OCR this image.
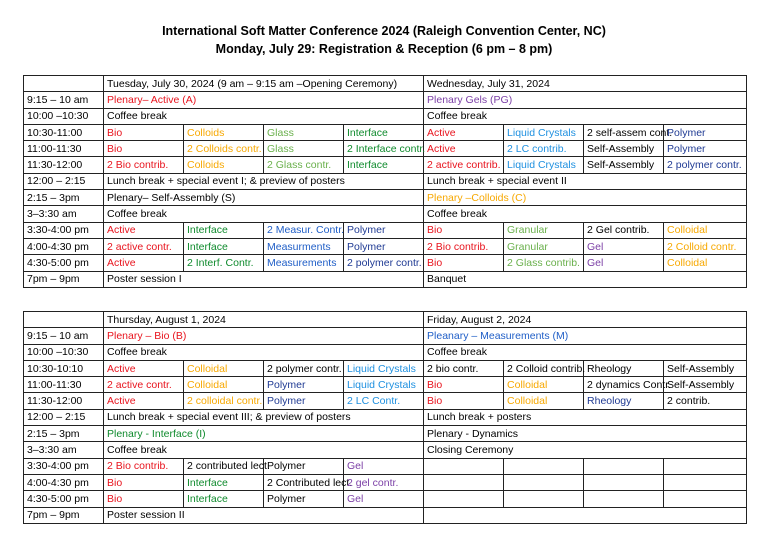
International Soft Matter Conference 2024 (Raleigh Convention Center, NC)
Monday, July 29: Registration & Reception (6 pm – 8 pm)
	Tuesday, July 30, 2024 (9 am – 9:15 am –Opening Ceremony)				Wednesday, July 31, 2024			
9:15 – 10 am	Plenary– Active (A)				Plenary Gels (PG)			
10:00 –10:30	Coffee break				Coffee break			
10:30-11:00	Bio	Colloids	Glass	Interface	Active	Liquid Crystals	2 self-assem cont.	Polymer
11:00-11:30	Bio	2 Colloids contr.	Glass	2 Interface contr.	Active	2 LC contrib.	Self-Assembly	Polymer
11:30-12:00	2 Bio contrib.	Colloids	2 Glass contr.	Interface	2 active contrib.	Liquid Crystals	Self-Assembly	2 polymer contr.
12:00 – 2:15	Lunch break + special event I; & preview of posters				Lunch break + special event II			
2:15 – 3pm	Plenary– Self-Assembly (S)				Plenary –Colloids (C)			
3–3:30 am	Coffee break				Coffee break			
3:30-4:00 pm	Active	Interface	2 Measur. Contr.	Polymer	Bio	Granular	2 Gel contrib.	Colloidal
4:00-4:30 pm	2 active contr.	Interface	Measurments	Polymer	2 Bio contrib.	Granular	Gel	2 Colloid contr.
4:30-5:00 pm	Active	2 Interf. Contr.	Measurements	2 polymer contr.	Bio	2 Glass contrib.	Gel	Colloidal
7pm – 9pm	Poster session I				Banquet			
	Thursday, August 1, 2024				Friday, August 2, 2024			
9:15 – 10 am	Plenary – Bio (B)				Pleanary – Measurements (M)			
10:00 –10:30	Coffee break				Coffee break			
10:30-10:10	Active	Colloidal	2 polymer contr.	Liquid Crystals	2 bio contr.	2 Colloid contrib.	Rheology	Self-Assembly
11:00-11:30	2 active contr.	Colloidal	Polymer	Liquid Crystals	Bio	Colloidal	2 dynamics Contr.	Self-Assembly
11:30-12:00	Active	2 colloidal contr.	Polymer	2 LC Contr.	Bio	Colloidal	Rheology	2 contrib.
12:00 – 2:15	Lunch break + special event III; & preview of posters				Lunch break + posters			
2:15 – 3pm	Plenary - Interface (I)				Plenary - Dynamics			
3–3:30 am	Coffee break				Closing Ceremony			
3:30-4:00 pm	2 Bio contrib.	2 contributed lect.	Polymer	Gel				
4:00-4:30 pm	Bio	Interface	2 Contributed lect.	2 gel contr.				
4:30-5:00 pm	Bio	Interface	Polymer	Gel				
7pm – 9pm	Poster session II							
